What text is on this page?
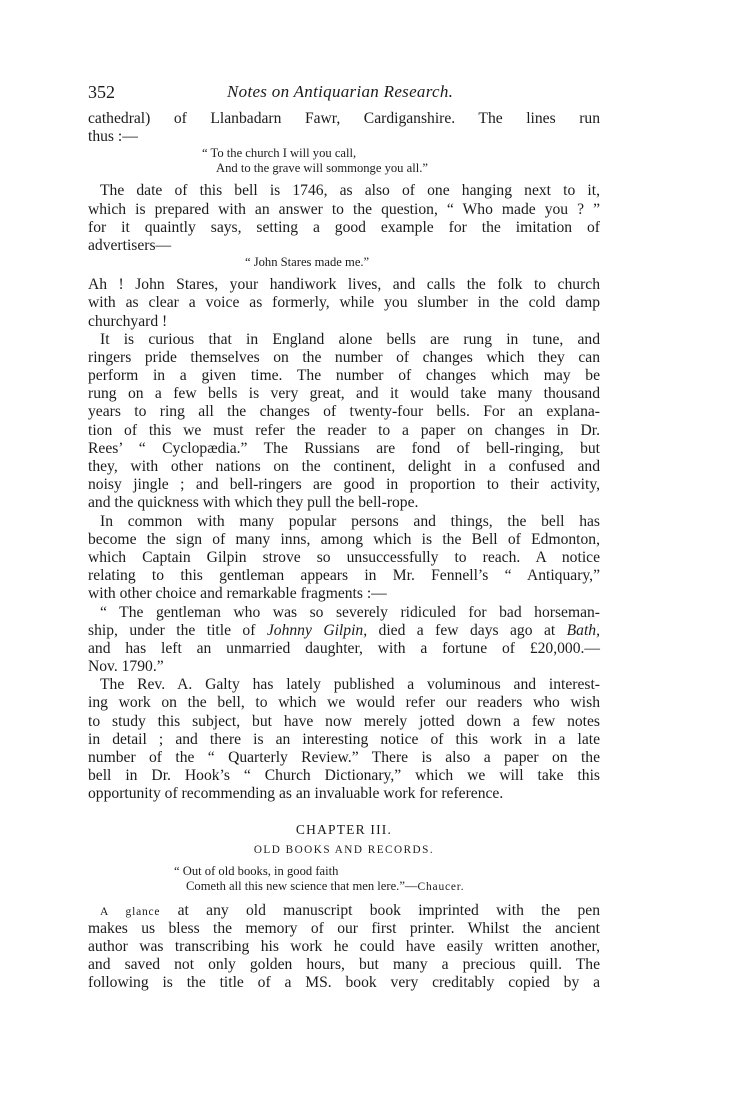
352	Notes on Antiquarian Research.
cathedral) of Llanbadarn Fawr, Cardiganshire. The lines run
thus :—
“ To the church I will you call,
And to the grave will sommonge you all.”
The date of this bell is 1746, as also of one hanging next to it,
which is prepared with an answer to the question, “ Who made you ? ”
for it quaintly says, setting a good example for the imitation of
advertisers—
“ John Stares made me.”
Ah ! John Stares, your handiwork lives, and calls the folk to church
with as clear a voice as formerly, while you slumber in the cold damp
churchyard !
It is curious that in England alone bells are rung in tune, and
ringers pride themselves on the number of changes which they can
perform in a given time. The number of changes which may be
rung on a few bells is very great, and it would take many thousand
years to ring all the changes of twenty-four bells. For an explana-
tion of this we must refer the reader to a paper on changes in Dr.
Rees’ “ Cyclopædia.” The Russians are fond of bell-ringing, but
they, with other nations on the continent, delight in a confused and
noisy jingle ; and bell-ringers are good in proportion to their activity,
and the quickness with which they pull the bell-rope.
In common with many popular persons and things, the bell has
become the sign of many inns, among which is the Bell of Edmonton,
which Captain Gilpin strove so unsuccessfully to reach. A notice
relating to this gentleman appears in Mr. Fennell’s “ Antiquary,”
with other choice and remarkable fragments :—
“ The gentleman who was so severely ridiculed for bad horseman-
ship, under the title of Johnny Gilpin, died a few days ago at Bath,
and has left an unmarried daughter, with a fortune of £20,000.—
Nov. 1790.”
The Rev. A. Galty has lately published a voluminous and interest-
ing work on the bell, to which we would refer our readers who wish
to study this subject, but have now merely jotted down a few notes
in detail ; and there is an interesting notice of this work in a late
number of the “ Quarterly Review.” There is also a paper on the
bell in Dr. Hook’s “ Church Dictionary,” which we will take this
opportunity of recommending as an invaluable work for reference.
CHAPTER III.
OLD BOOKS AND RECORDS.
“ Out of old books, in good faith
Cometh all this new science that men lere.”—Chaucer.
A glance at any old manuscript book imprinted with the pen
makes us bless the memory of our first printer. Whilst the ancient
author was transcribing his work he could have easily written another,
and saved not only golden hours, but many a precious quill. The
following is the title of a MS. book very creditably copied by a
